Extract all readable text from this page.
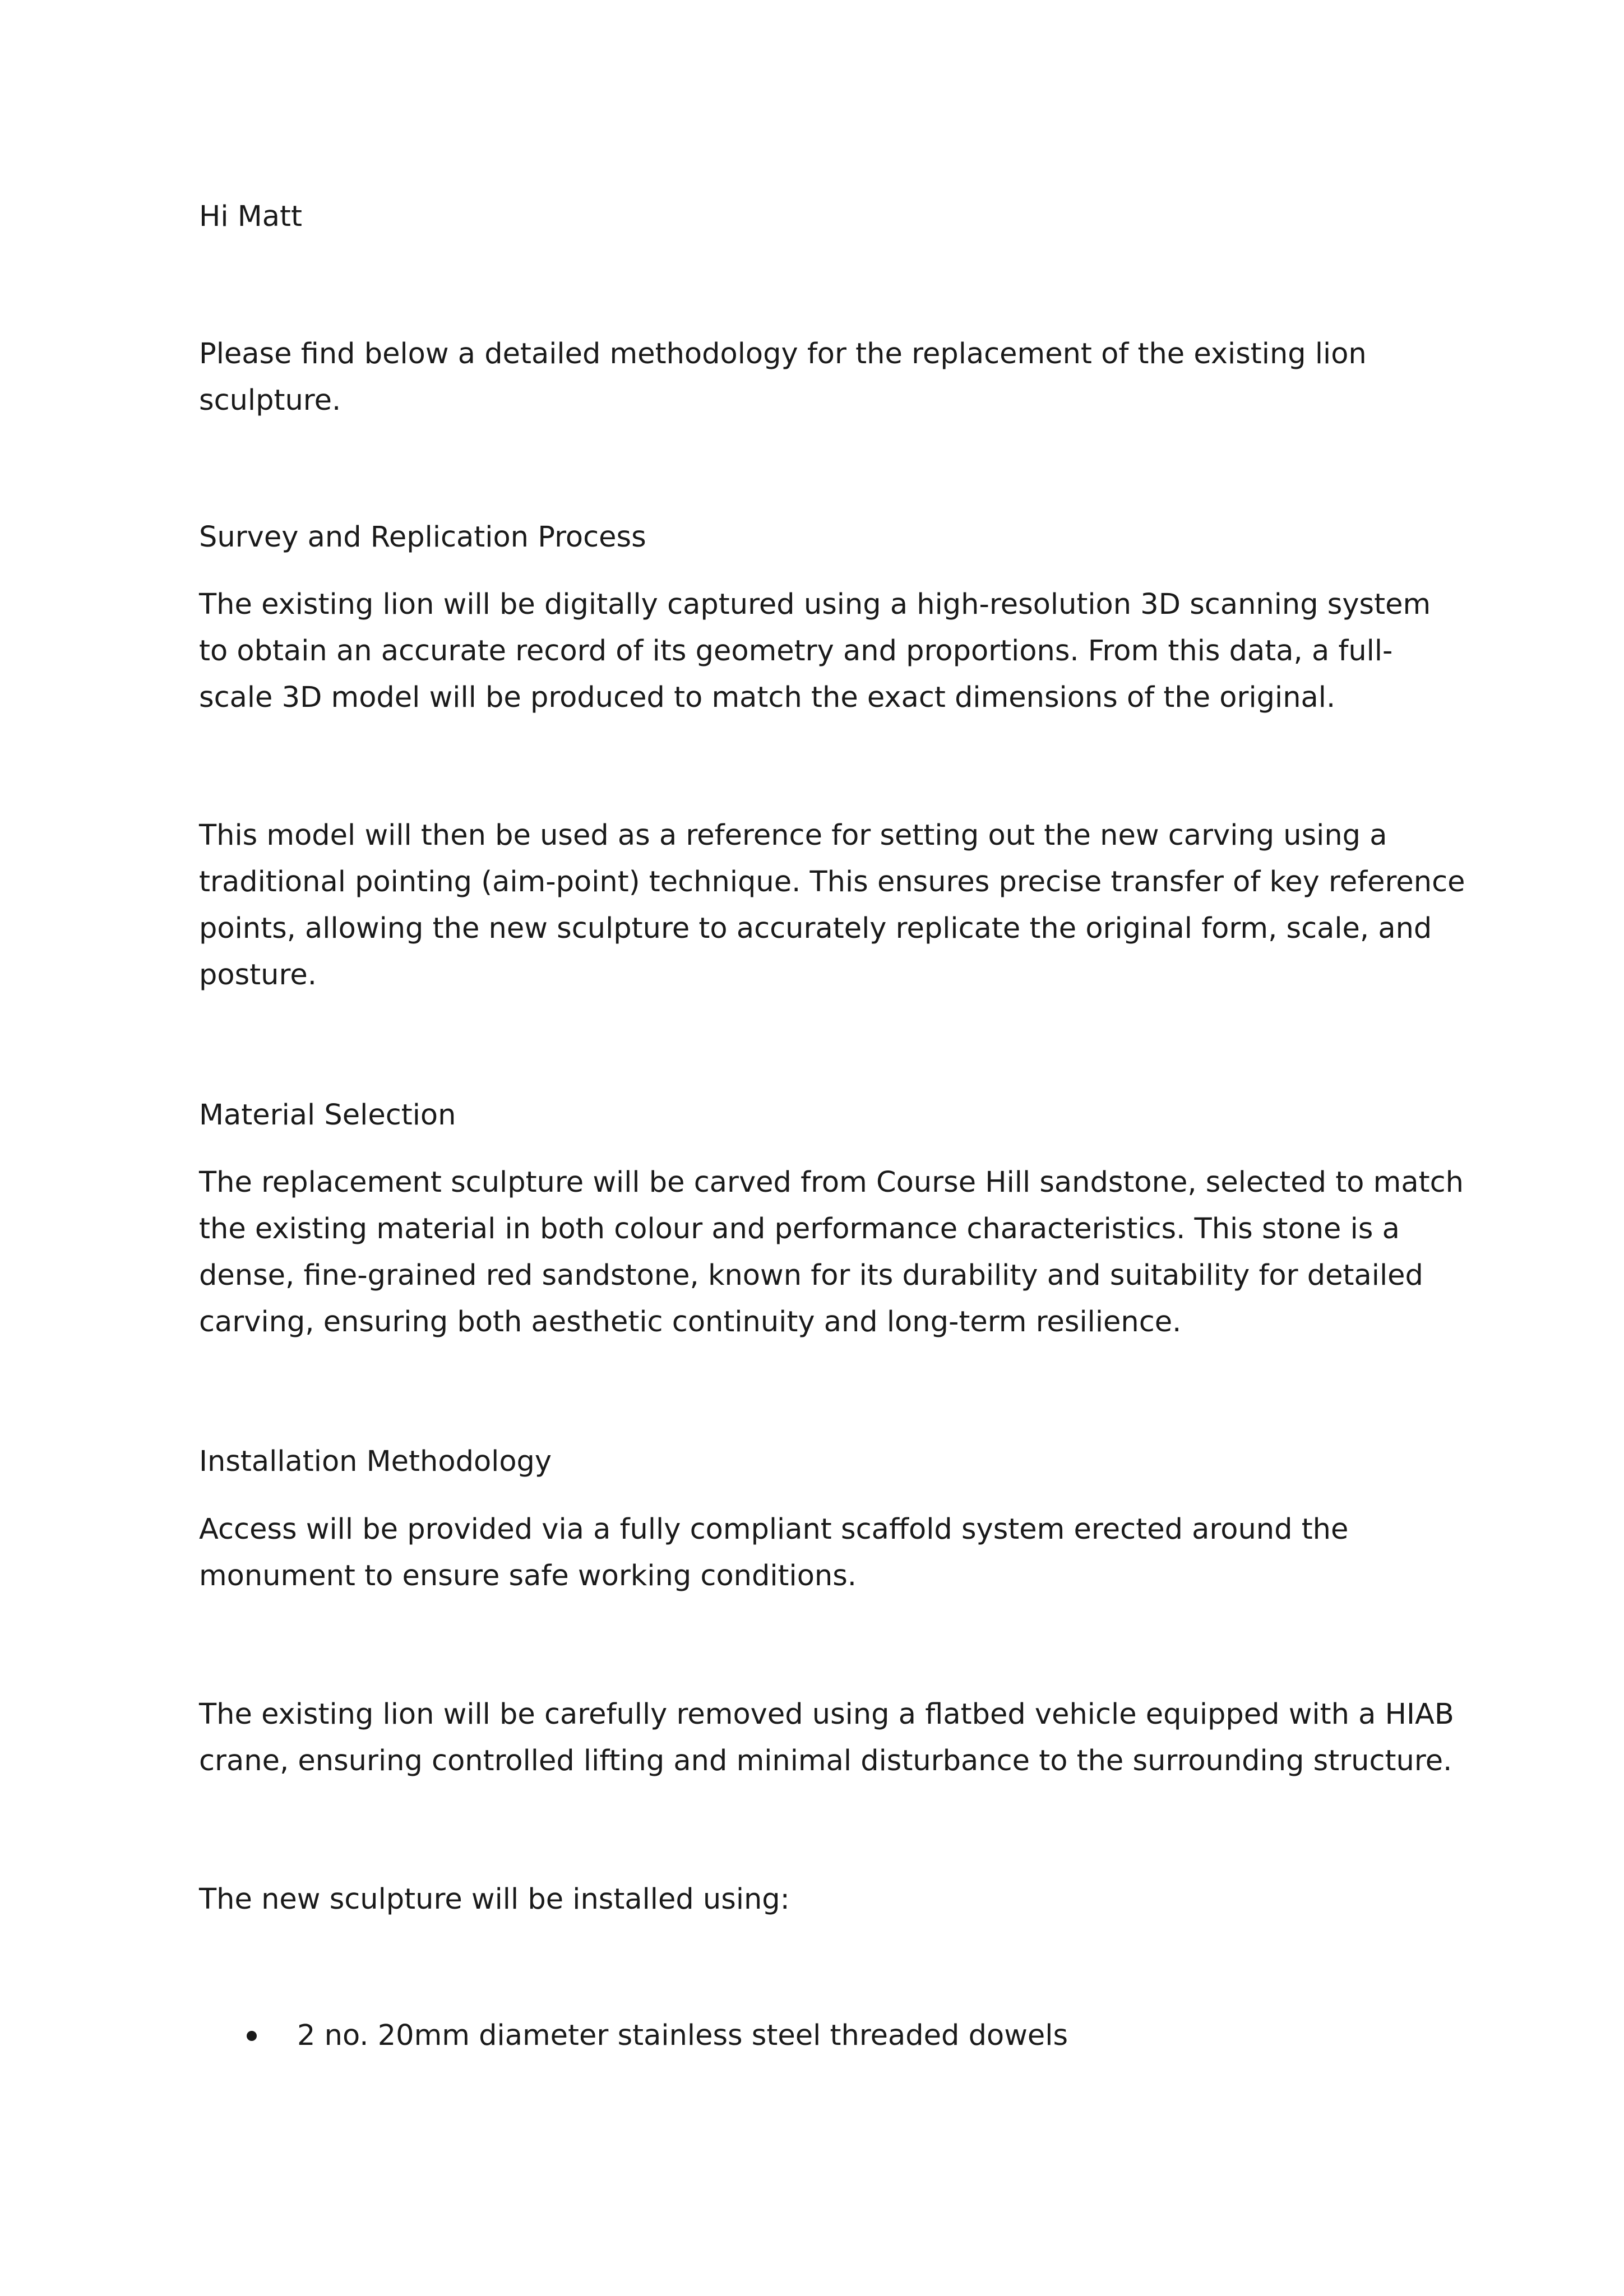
Hi Matt

Please find below a detailed methodology for the replacement of the existing lion sculpture.

Survey and Replication Process

The existing lion will be digitally captured using a high-resolution 3D scanning system to obtain an accurate record of its geometry and proportions. From this data, a full-scale 3D model will be produced to match the exact dimensions of the original.

This model will then be used as a reference for setting out the new carving using a traditional pointing (aim-point) technique. This ensures precise transfer of key reference points, allowing the new sculpture to accurately replicate the original form, scale, and posture.

Material Selection

The replacement sculpture will be carved from Course Hill sandstone, selected to match the existing material in both colour and performance characteristics. This stone is a dense, fine-grained red sandstone, known for its durability and suitability for detailed carving, ensuring both aesthetic continuity and long-term resilience.

Installation Methodology

Access will be provided via a fully compliant scaffold system erected around the monument to ensure safe working conditions.

The existing lion will be carefully removed using a flatbed vehicle equipped with a HIAB crane, ensuring controlled lifting and minimal disturbance to the surrounding structure.

The new sculpture will be installed using:

2 no. 20mm diameter stainless steel threaded dowels
